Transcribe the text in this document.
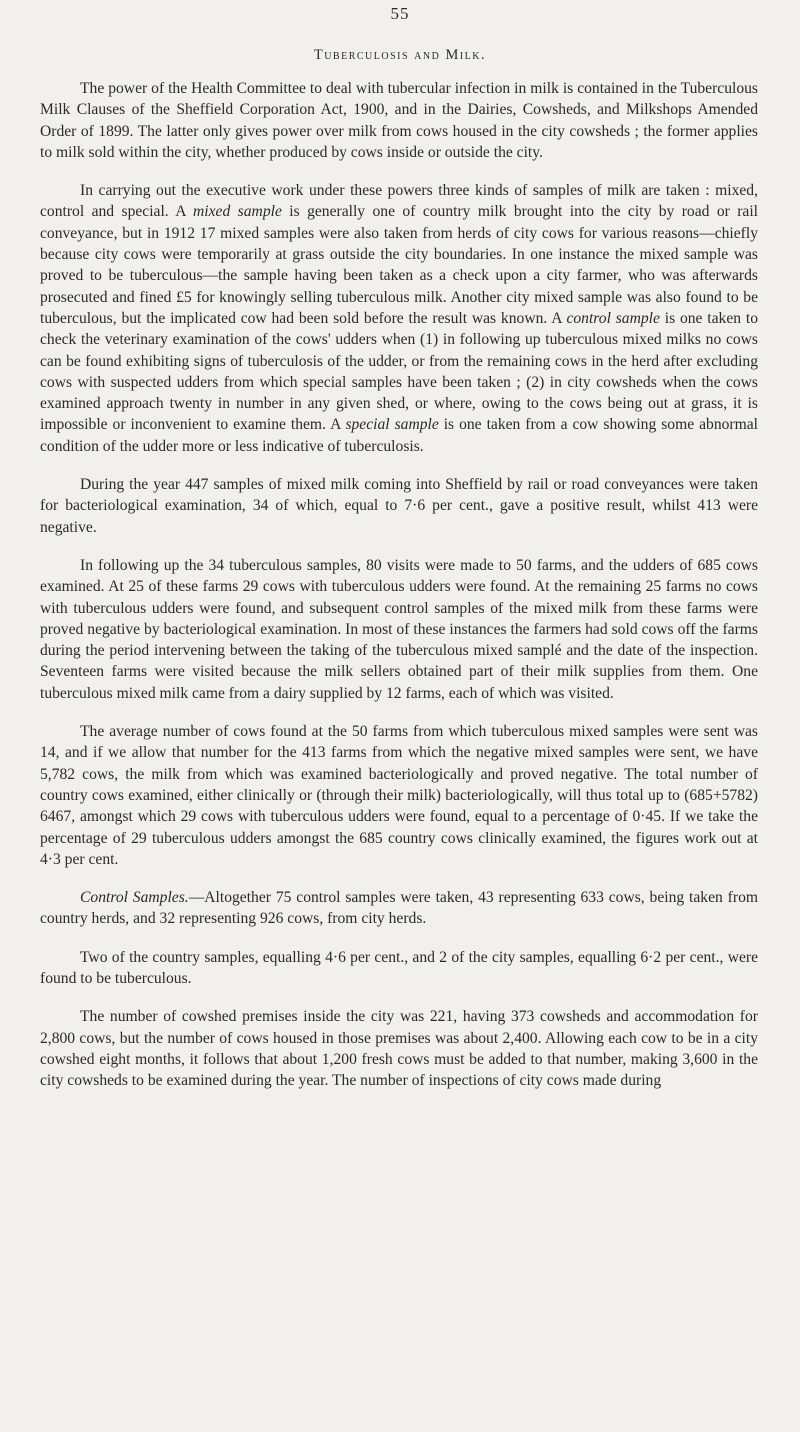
55
Tuberculosis and Milk.

The power of the Health Committee to deal with tubercular infection in milk is contained in the Tuberculous Milk Clauses of the Sheffield Corporation Act, 1900, and in the Dairies, Cowsheds, and Milkshops Amended Order of 1899. The latter only gives power over milk from cows housed in the city cowsheds ; the former applies to milk sold within the city, whether produced by cows inside or outside the city.

In carrying out the executive work under these powers three kinds of samples of milk are taken : mixed, control and special. A mixed sample is generally one of country milk brought into the city by road or rail conveyance, but in 1912 17 mixed samples were also taken from herds of city cows for various reasons—chiefly because city cows were temporarily at grass outside the city boundaries. In one instance the mixed sample was proved to be tuberculous—the sample having been taken as a check upon a city farmer, who was afterwards prosecuted and fined £5 for knowingly selling tuberculous milk. Another city mixed sample was also found to be tuberculous, but the implicated cow had been sold before the result was known. A control sample is one taken to check the veterinary examination of the cows' udders when (1) in following up tuberculous mixed milks no cows can be found exhibiting signs of tuberculosis of the udder, or from the remaining cows in the herd after excluding cows with suspected udders from which special samples have been taken ; (2) in city cowsheds when the cows examined approach twenty in number in any given shed, or where, owing to the cows being out at grass, it is impossible or inconvenient to examine them. A special sample is one taken from a cow showing some abnormal condition of the udder more or less indicative of tuberculosis.

During the year 447 samples of mixed milk coming into Sheffield by rail or road conveyances were taken for bacteriological examination, 34 of which, equal to 7·6 per cent., gave a positive result, whilst 413 were negative.

In following up the 34 tuberculous samples, 80 visits were made to 50 farms, and the udders of 685 cows examined. At 25 of these farms 29 cows with tuberculous udders were found. At the remaining 25 farms no cows with tuberculous udders were found, and subsequent control samples of the mixed milk from these farms were proved negative by bacteriological examination. In most of these instances the farmers had sold cows off the farms during the period intervening between the taking of the tuberculous mixed samplé and the date of the inspection. Seventeen farms were visited because the milk sellers obtained part of their milk supplies from them. One tuberculous mixed milk came from a dairy supplied by 12 farms, each of which was visited.

The average number of cows found at the 50 farms from which tuberculous mixed samples were sent was 14, and if we allow that number for the 413 farms from which the negative mixed samples were sent, we have 5,782 cows, the milk from which was examined bacteriologically and proved negative. The total number of country cows examined, either clinically or (through their milk) bacteriologically, will thus total up to (685+5782) 6467, amongst which 29 cows with tuberculous udders were found, equal to a percentage of 0·45. If we take the percentage of 29 tuberculous udders amongst the 685 country cows clinically examined, the figures work out at 4·3 per cent.

Control Samples.—Altogether 75 control samples were taken, 43 representing 633 cows, being taken from country herds, and 32 representing 926 cows, from city herds.

Two of the country samples, equalling 4·6 per cent., and 2 of the city samples, equalling 6·2 per cent., were found to be tuberculous.

The number of cowshed premises inside the city was 221, having 373 cowsheds and accommodation for 2,800 cows, but the number of cows housed in those premises was about 2,400. Allowing each cow to be in a city cowshed eight months, it follows that about 1,200 fresh cows must be added to that number, making 3,600 in the city cowsheds to be examined during the year. The number of inspections of city cows made during
